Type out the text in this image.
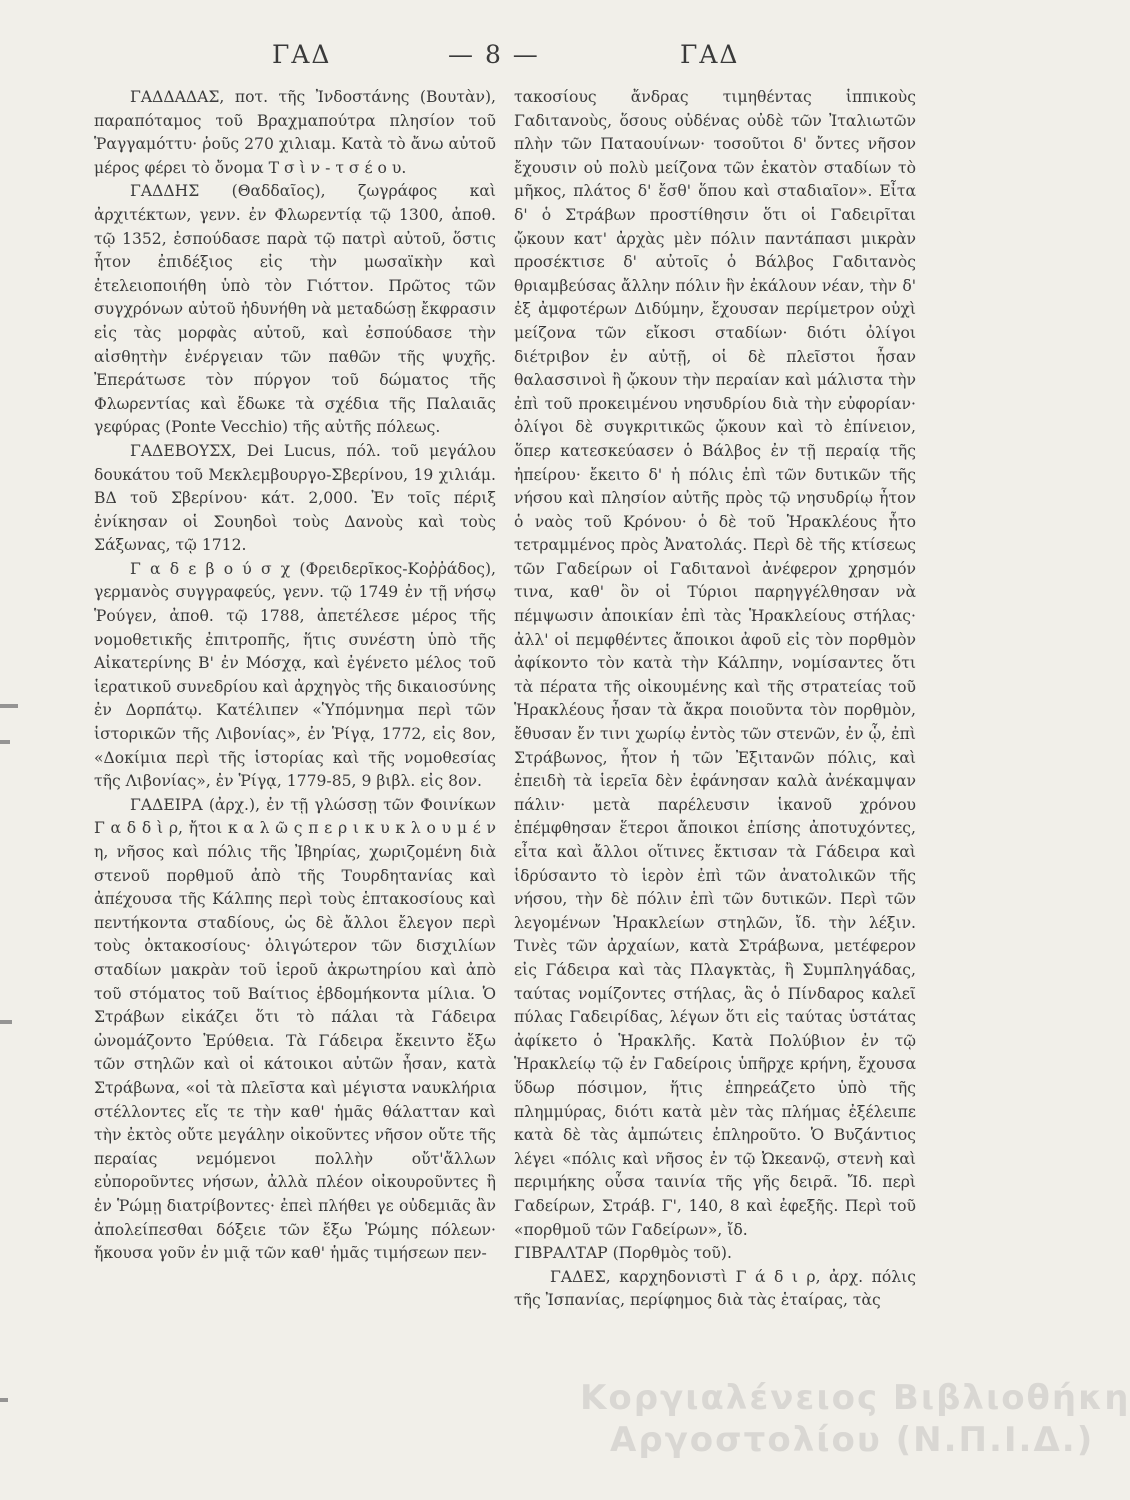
ΓΑΔ	— 8 —	ΓΑΔ

ΓΑΔΔΑΔΑΣ, ποτ. τῆς Ἰνδοστάνης (Βουτὰν), παραπόταμος τοῦ Βραχμαπούτρα πλησίον τοῦ Ῥαγγαμόττυ· ῥοῦς 270 χιλιαμ. Κατὰ τὸ ἄνω αὐτοῦ μέρος φέρει τὸ ὄνομα Τ σ ὶ ν - τ σ έ ο υ.

ΓΑΔΔΗΣ (Θαδδαῖος), ζωγράφος καὶ ἀρχιτέκτων, γενν. ἐν Φλωρεντίᾳ τῷ 1300, ἀποθ. τῷ 1352, ἐσπούδασε παρὰ τῷ πατρὶ αὐτοῦ, ὅστις ἦτον ἐπιδέξιος εἰς τὴν μωσαϊκὴν καὶ ἐτελειοποιήθη ὑπὸ τὸν Γιόττον. Πρῶτος τῶν συγχρόνων αὐτοῦ ἠδυνήθη νὰ μεταδώσῃ ἔκφρασιν εἰς τὰς μορφὰς αὐτοῦ, καὶ ἐσπούδασε τὴν αἰσθητὴν ἐνέργειαν τῶν παθῶν τῆς ψυχῆς. Ἐπεράτωσε τὸν πύργον τοῦ δώματος τῆς Φλωρεντίας καὶ ἔδωκε τὰ σχέδια τῆς Παλαιᾶς γεφύρας (Ponte Vecchio) τῆς αὐτῆς πόλεως.

ΓΑΔΕΒΟΥΣΧ, Dei Lucus, πόλ. τοῦ μεγάλου δουκάτου τοῦ Μεκλεμβουργο-Σβερίνου, 19 χιλιάμ. ΒΔ τοῦ Σβερίνου· κάτ. 2,000. Ἐν τοῖς πέριξ ἐνίκησαν οἱ Σουηδοὶ τοὺς Δανοὺς καὶ τοὺς Σάξωνας, τῷ 1712.

Γ α δ ε β ο ύ σ χ (Φρειδερῖκος-Κοῤῥάδος), γερμανὸς συγγραφεύς, γενν. τῷ 1749 ἐν τῇ νήσῳ Ῥούγεν, ἀποθ. τῷ 1788, ἀπετέλεσε μέρος τῆς νομοθετικῆς ἐπιτροπῆς, ἥτις συνέστη ὑπὸ τῆς Αἰκατερίνης Β' ἐν Μόσχᾳ, καὶ ἐγένετο μέλος τοῦ ἱερατικοῦ συνεδρίου καὶ ἀρχηγὸς τῆς δικαιοσύνης ἐν Δορπάτῳ. Κατέλιπεν «Ὑπόμνημα περὶ τῶν ἱστορικῶν τῆς Λιβονίας», ἐν Ῥίγᾳ, 1772, εἰς 8ον, «Δοκίμια περὶ τῆς ἱστορίας καὶ τῆς νομοθεσίας τῆς Λιβονίας», ἐν Ῥίγᾳ, 1779-85, 9 βιβλ. εἰς 8ον.

ΓΑΔΕΙΡΑ (ἀρχ.), ἐν τῇ γλώσσῃ τῶν Φοινίκων Γ α δ δ ὶ ρ, ἤτοι κ α λ ῶ ς π ε ρ ι κ υ κ λ ο υ μ έ ν η, νῆσος καὶ πόλις τῆς Ἰβηρίας, χωριζομένη διὰ στενοῦ πορθμοῦ ἀπὸ τῆς Τουρδητανίας καὶ ἀπέχουσα τῆς Κάλπης περὶ τοὺς ἑπτακοσίους καὶ πεντήκοντα σταδίους, ὡς δὲ ἄλλοι ἔλεγον περὶ τοὺς ὀκτακοσίους· ὀλιγώτερον τῶν δισχιλίων σταδίων μακρὰν τοῦ ἱεροῦ ἀκρωτηρίου καὶ ἀπὸ τοῦ στόματος τοῦ Βαίτιος ἑβδομήκοντα μίλια. Ὁ Στράβων εἰκάζει ὅτι τὸ πάλαι τὰ Γάδειρα ὠνομάζοντο Ἐρύθεια. Τὰ Γάδειρα ἔκειντο ἔξω τῶν στηλῶν καὶ οἱ κάτοικοι αὐτῶν ἦσαν, κατὰ Στράβωνα, «οἱ τὰ πλεῖστα καὶ μέγιστα ναυκλήρια στέλλοντες εἴς τε τὴν καθ' ἡμᾶς θάλατταν καὶ τὴν ἐκτὸς οὔτε μεγάλην οἰκοῦντες νῆσον οὔτε τῆς περαίας νεμόμενοι πολλὴν οὔτ'ἄλλων εὐποροῦντες νήσων, ἀλλὰ πλέον οἰκουροῦντες ἢ ἐν Ῥώμῃ διατρίβοντες· ἐπεὶ πλήθει γε οὐδεμιᾶς ἂν ἀπολείπεσθαι δόξειε τῶν ἔξω Ῥώμης πόλεων· ἤκουσα γοῦν ἐν μιᾷ τῶν καθ' ἡμᾶς τιμήσεων πεν-

τακοσίους ἄνδρας τιμηθέντας ἱππικοὺς Γαδιτανοὺς, ὅσους οὐδένας οὐδὲ τῶν Ἰταλιωτῶν πλὴν τῶν Παταουίνων· τοσοῦτοι δ' ὄντες νῆσον ἔχουσιν οὐ πολὺ μείζονα τῶν ἑκατὸν σταδίων τὸ μῆκος, πλάτος δ' ἔσθ' ὅπου καὶ σταδιαῖον». Εἶτα δ' ὁ Στράβων προστίθησιν ὅτι οἱ Γαδειρῖται ᾤκουν κατ' ἀρχὰς μὲν πόλιν παντάπασι μικρὰν προσέκτισε δ' αὐτοῖς ὁ Βάλβος Γαδιτανὸς θριαμβεύσας ἄλλην πόλιν ἣν ἐκάλουν νέαν, τὴν δ' ἐξ ἀμφοτέρων Διδύμην, ἔχουσαν περίμετρον οὐχὶ μείζονα τῶν εἴκοσι σταδίων· διότι ὀλίγοι διέτριβον ἐν αὐτῇ, οἱ δὲ πλεῖστοι ἦσαν θαλασσινοὶ ἢ ᾤκουν τὴν περαίαν καὶ μάλιστα τὴν ἐπὶ τοῦ προκειμένου νησυδρίου διὰ τὴν εὐφορίαν· ὀλίγοι δὲ συγκριτικῶς ᾤκουν καὶ τὸ ἐπίνειον, ὅπερ κατεσκεύασεν ὁ Βάλβος ἐν τῇ περαίᾳ τῆς ἠπείρου· ἔκειτο δ' ἡ πόλις ἐπὶ τῶν δυτικῶν τῆς νήσου καὶ πλησίον αὐτῆς πρὸς τῷ νησυδρίῳ ἦτον ὁ ναὸς τοῦ Κρόνου· ὁ δὲ τοῦ Ἡρακλέους ἦτο τετραμμένος πρὸς Ἀνατολάς. Περὶ δὲ τῆς κτίσεως τῶν Γαδείρων οἱ Γαδιτανοὶ ἀνέφερον χρησμόν τινα, καθ' ὃν οἱ Τύριοι παρηγγέλθησαν νὰ πέμψωσιν ἀποικίαν ἐπὶ τὰς Ἡρακλείους στήλας· ἀλλ' οἱ πεμφθέντες ἄποικοι ἀφοῦ εἰς τὸν πορθμὸν ἀφίκοντο τὸν κατὰ τὴν Κάλπην, νομίσαντες ὅτι τὰ πέρατα τῆς οἰκουμένης καὶ τῆς στρατείας τοῦ Ἡρακλέους ἦσαν τὰ ἄκρα ποιοῦντα τὸν πορθμὸν, ἔθυσαν ἔν τινι χωρίῳ ἐντὸς τῶν στενῶν, ἐν ᾧ, ἐπὶ Στράβωνος, ἦτον ἡ τῶν Ἐξιτανῶν πόλις, καὶ ἐπειδὴ τὰ ἱερεῖα δὲν ἐφάνησαν καλὰ ἀνέκαμψαν πάλιν· μετὰ παρέλευσιν ἱκανοῦ χρόνου ἐπέμφθησαν ἕτεροι ἄποικοι ἐπίσης ἀποτυχόντες, εἶτα καὶ ἄλλοι οἵτινες ἔκτισαν τὰ Γάδειρα καὶ ἱδρύσαντο τὸ ἱερὸν ἐπὶ τῶν ἀνατολικῶν τῆς νήσου, τὴν δὲ πόλιν ἐπὶ τῶν δυτικῶν. Περὶ τῶν λεγομένων Ἡρακλείων στηλῶν, ἴδ. τὴν λέξιν. Τινὲς τῶν ἀρχαίων, κατὰ Στράβωνα, μετέφερον εἰς Γάδειρα καὶ τὰς Πλαγκτὰς, ἢ Συμπληγάδας, ταύτας νομίζοντες στήλας, ἃς ὁ Πίνδαρος καλεῖ πύλας Γαδειρίδας, λέγων ὅτι εἰς ταύτας ὑστάτας ἀφίκετο ὁ Ἡρακλῆς. Κατὰ Πολύβιον ἐν τῷ Ἡρακλείῳ τῷ ἐν Γαδείροις ὑπῆρχε κρήνη, ἔχουσα ὕδωρ πόσιμον, ἥτις ἐπηρεάζετο ὑπὸ τῆς πλημμύρας, διότι κατὰ μὲν τὰς πλήμας ἐξέλειπε κατὰ δὲ τὰς ἀμπώτεις ἐπληροῦτο. Ὁ Βυζάντιος λέγει «πόλις καὶ νῆσος ἐν τῷ Ὠκεανῷ, στενὴ καὶ περιμήκης οὖσα ταινία τῆς γῆς δειρᾶ. Ἴδ. περὶ Γαδείρων, Στράβ. Γ', 140, 8 καὶ ἐφεξῆς. Περὶ τοῦ «πορθμοῦ τῶν Γαδείρων», ἴδ.

ΓΙΒΡΑΛΤΑΡ (Πορθμὸς τοῦ).

ΓΑΔΕΣ, καρχηδονιστὶ Γ ά δ ι ρ, ἀρχ. πόλις τῆς Ἰσπανίας, περίφημος διὰ τὰς ἑταίρας, τὰς

Κοργιαλένειος Βιβλιοθήκη
Αργοστολίου (Ν.Π.Ι.Δ.)
